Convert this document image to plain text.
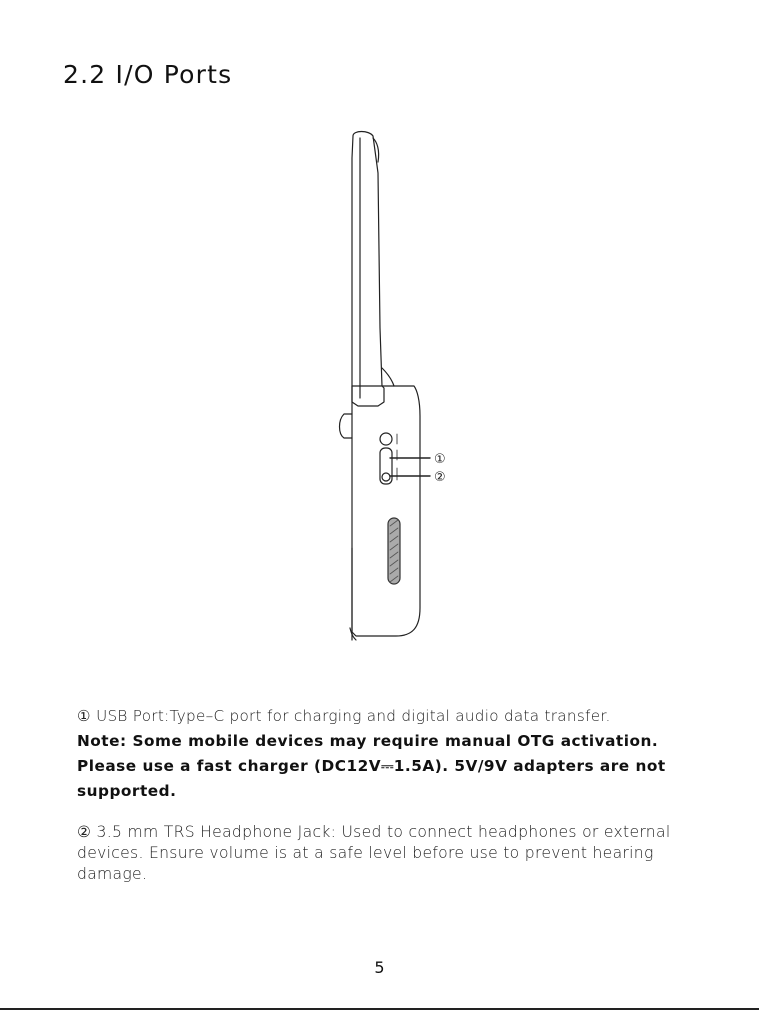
2.2 I/O Ports
①
②

① USB Port:Type–C port for charging and digital audio data transfer.

Note: Some mobile devices may require manual OTG activation.

Please use a fast charger (DC12V⎓1.5A). 5V/9V adapters are not supported.

② 3.5 mm TRS Headphone Jack: Used to connect headphones or external devices. Ensure volume is at a safe level before use to prevent hearing damage.

5
